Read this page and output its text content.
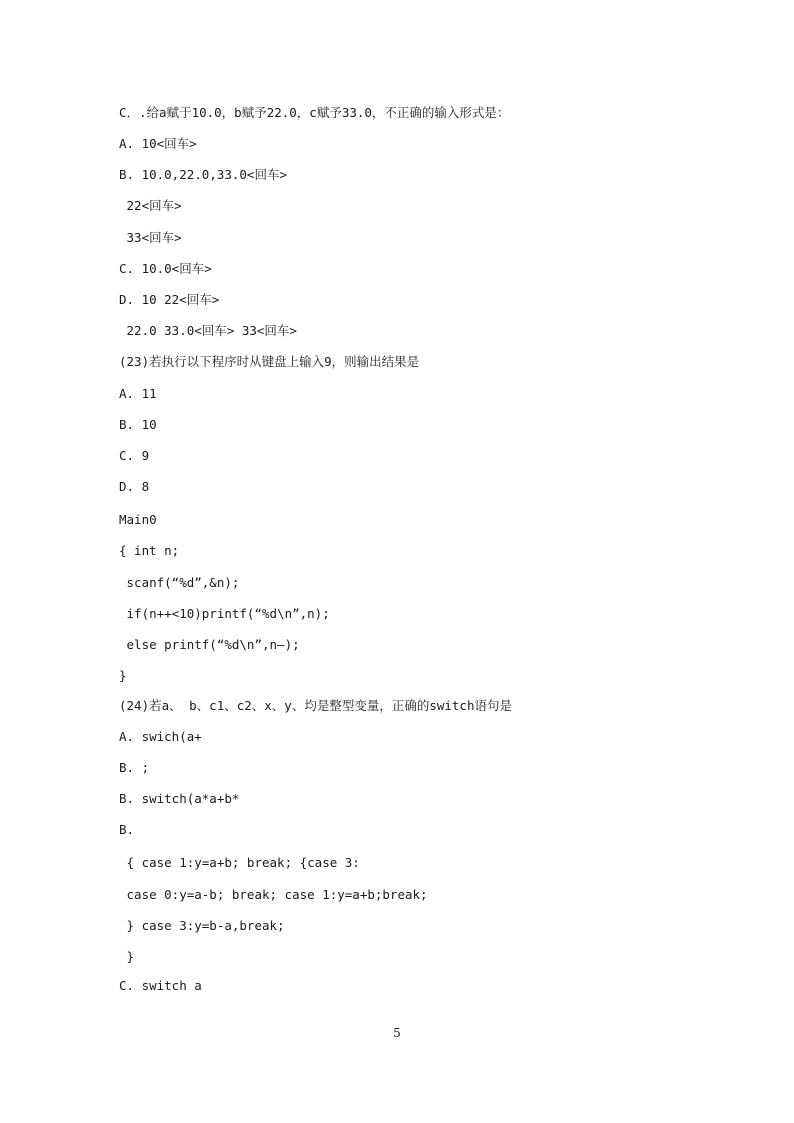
C．.给a赋于10.0，b赋予22.0，c赋予33.0，不正确的输入形式是：
A. 10<回车>
B. 10.0,22.0,33.0<回车>
22<回车>
33<回车>
C. 10.0<回车>
D. 10 22<回车>
22.0 33.0<回车> 33<回车>
(23)若执行以下程序时从键盘上输入9，则输出结果是
A. 11
B. 10
C. 9
D. 8
Main0
{ int n;
scanf(“%d”,&n);
if(n++<10)printf(“%d\n”,n);
else printf(“%d\n”,n—);
}
(24)若a、 b、c1、c2、x、y、均是整型变量，正确的switch语句是
A. swich(a+
B. ;
B. switch(a*a+b*
B.
{ case 1:y=a+b; break; {case 3:
case 0:y=a-b; break; case 1:y=a+b;break;
} case 3:y=b-a,break;
}
C. switch a
5
